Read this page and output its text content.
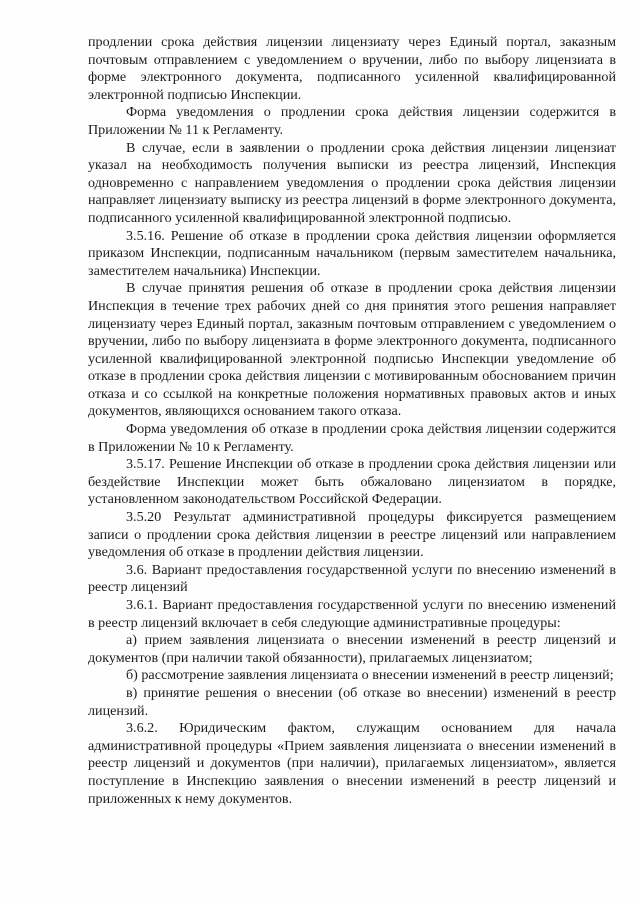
продлении срока действия лицензии лицензиату через Единый портал, заказным почтовым отправлением с уведомлением о вручении, либо по выбору лицензиата в форме электронного документа, подписанного усиленной квалифицированной электронной подписью Инспекции.

Форма уведомления о продлении срока действия лицензии содержится в Приложении № 11 к Регламенту.

В случае, если в заявлении о продлении срока действия лицензии лицензиат указал на необходимость получения выписки из реестра лицензий, Инспекция одновременно с направлением уведомления о продлении срока действия лицензии направляет лицензиату выписку из реестра лицензий в форме электронного документа, подписанного усиленной квалифицированной электронной подписью.

3.5.16. Решение об отказе в продлении срока действия лицензии оформляется приказом Инспекции, подписанным начальником (первым заместителем начальника, заместителем начальника) Инспекции.

В случае принятия решения об отказе в продлении срока действия лицензии Инспекция в течение трех рабочих дней со дня принятия этого решения направляет лицензиату через Единый портал, заказным почтовым отправлением с уведомлением о вручении, либо по выбору лицензиата в форме электронного документа, подписанного усиленной квалифицированной электронной подписью Инспекции уведомление об отказе в продлении срока действия лицензии с мотивированным обоснованием причин отказа и со ссылкой на конкретные положения нормативных правовых актов и иных документов, являющихся основанием такого отказа.

Форма уведомления об отказе в продлении срока действия лицензии содержится в Приложении № 10 к Регламенту.

3.5.17. Решение Инспекции об отказе в продлении срока действия лицензии или бездействие Инспекции может быть обжаловано лицензиатом в порядке, установленном законодательством Российской Федерации.

3.5.20 Результат административной процедуры фиксируется размещением записи о продлении срока действия лицензии в реестре лицензий или направлением уведомления об отказе в продлении действия лицензии.

3.6. Вариант предоставления государственной услуги по внесению изменений в реестр лицензий

3.6.1. Вариант предоставления государственной услуги по внесению изменений в реестр лицензий включает в себя следующие административные процедуры:

а) прием заявления лицензиата о внесении изменений в реестр лицензий и документов (при наличии такой обязанности), прилагаемых лицензиатом;

б) рассмотрение заявления лицензиата о внесении изменений в реестр лицензий;

в) принятие решения о внесении (об отказе во внесении) изменений в реестр лицензий.

3.6.2. Юридическим фактом, служащим основанием для начала административной процедуры «Прием заявления лицензиата о внесении изменений в реестр лицензий и документов (при наличии), прилагаемых лицензиатом», является поступление в Инспекцию заявления о внесении изменений в реестр лицензий и приложенных к нему документов.
